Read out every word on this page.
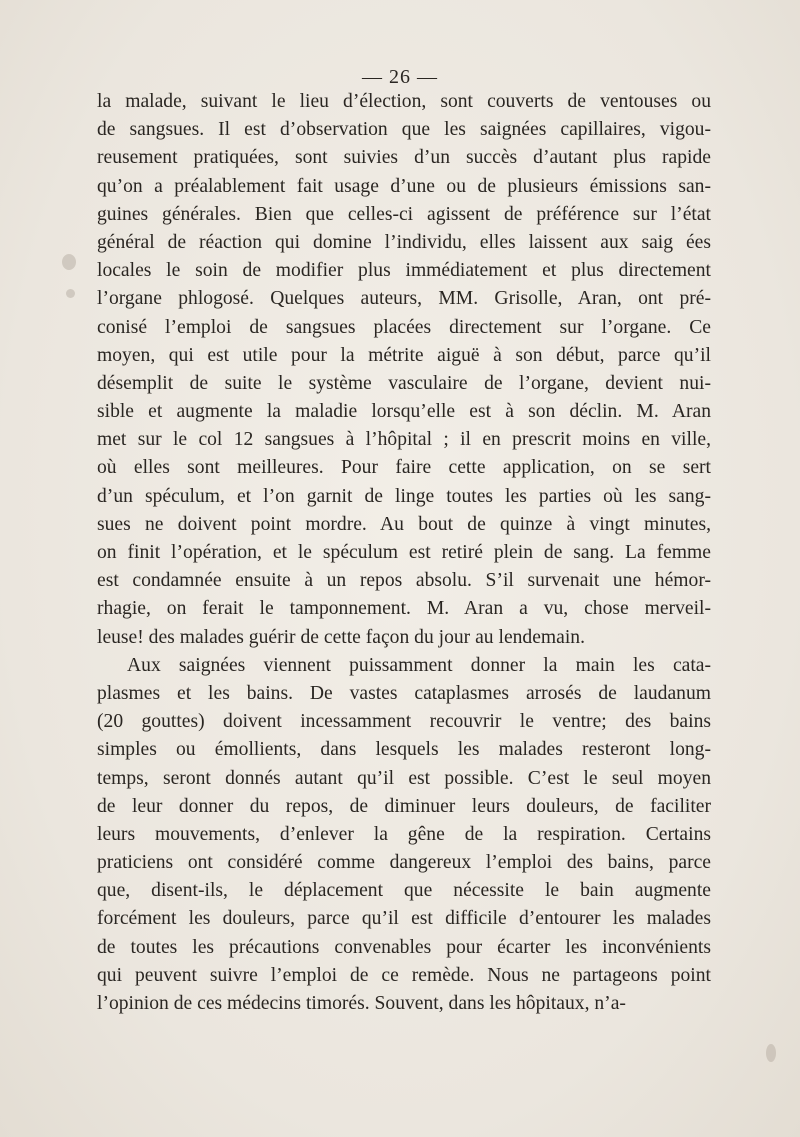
— 26 —
la malade, suivant le lieu d’élection, sont couverts de ventouses ou
de sangsues. Il est d’observation que les saignées capillaires, vigou-
reusement pratiquées, sont suivies d’un succès d’autant plus rapide
qu’on a préalablement fait usage d’une ou de plusieurs émissions san-
guines générales. Bien que celles-ci agissent de préférence sur l’état
général de réaction qui domine l’individu, elles laissent aux saig ées
locales le soin de modifier plus immédiatement et plus directement
l’organe phlogosé. Quelques auteurs, MM. Grisolle, Aran, ont pré-
conisé l’emploi de sangsues placées directement sur l’organe. Ce
moyen, qui est utile pour la métrite aiguë à son début, parce qu’il
désemplit de suite le système vasculaire de l’organe, devient nui-
sible et augmente la maladie lorsqu’elle est à son déclin. M. Aran
met sur le col 12 sangsues à l’hôpital ; il en prescrit moins en ville,
où elles sont meilleures. Pour faire cette application, on se sert
d’un spéculum, et l’on garnit de linge toutes les parties où les sang-
sues ne doivent point mordre. Au bout de quinze à vingt minutes,
on finit l’opération, et le spéculum est retiré plein de sang. La femme
est condamnée ensuite à un repos absolu. S’il survenait une hémor-
rhagie, on ferait le tamponnement. M. Aran a vu, chose merveil-
leuse! des malades guérir de cette façon du jour au lendemain.
Aux saignées viennent puissamment donner la main les cata-
plasmes et les bains. De vastes cataplasmes arrosés de laudanum
(20 gouttes) doivent incessamment recouvrir le ventre; des bains
simples ou émollients, dans lesquels les malades resteront long-
temps, seront donnés autant qu’il est possible. C’est le seul moyen
de leur donner du repos, de diminuer leurs douleurs, de faciliter
leurs mouvements, d’enlever la gêne de la respiration. Certains
praticiens ont considéré comme dangereux l’emploi des bains, parce
que, disent-ils, le déplacement que nécessite le bain augmente
forcément les douleurs, parce qu’il est difficile d’entourer les malades
de toutes les précautions convenables pour écarter les inconvénients
qui peuvent suivre l’emploi de ce remède. Nous ne partageons point
l’opinion de ces médecins timorés. Souvent, dans les hôpitaux, n’a-
